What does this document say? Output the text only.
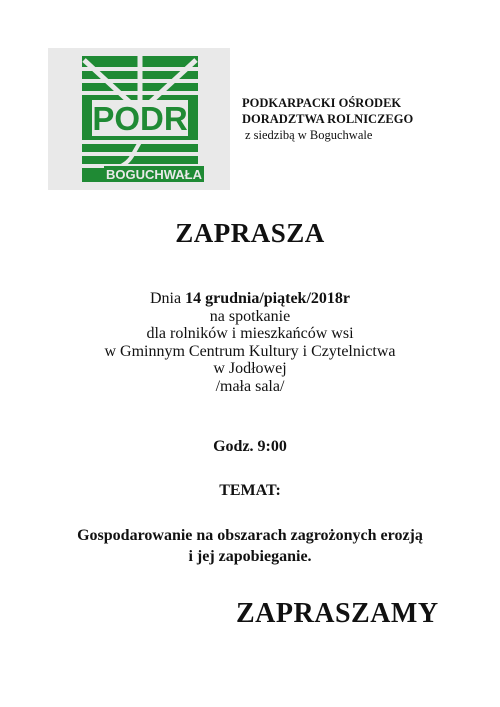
PODR
BOGUCHWAŁA
PODKARPACKI OŚRODEK
DORADZTWA ROLNICZEGO
z siedzibą w Boguchwale
ZAPRASZA
Dnia 14 grudnia/piątek/2018r
na spotkanie
dla rolników i mieszkańców wsi
w Gminnym Centrum Kultury i Czytelnictwa
w Jodłowej
/mała sala/
Godz. 9:00
TEMAT:
Gospodarowanie na obszarach zagrożonych erozją
i jej zapobieganie.
ZAPRASZAMY
